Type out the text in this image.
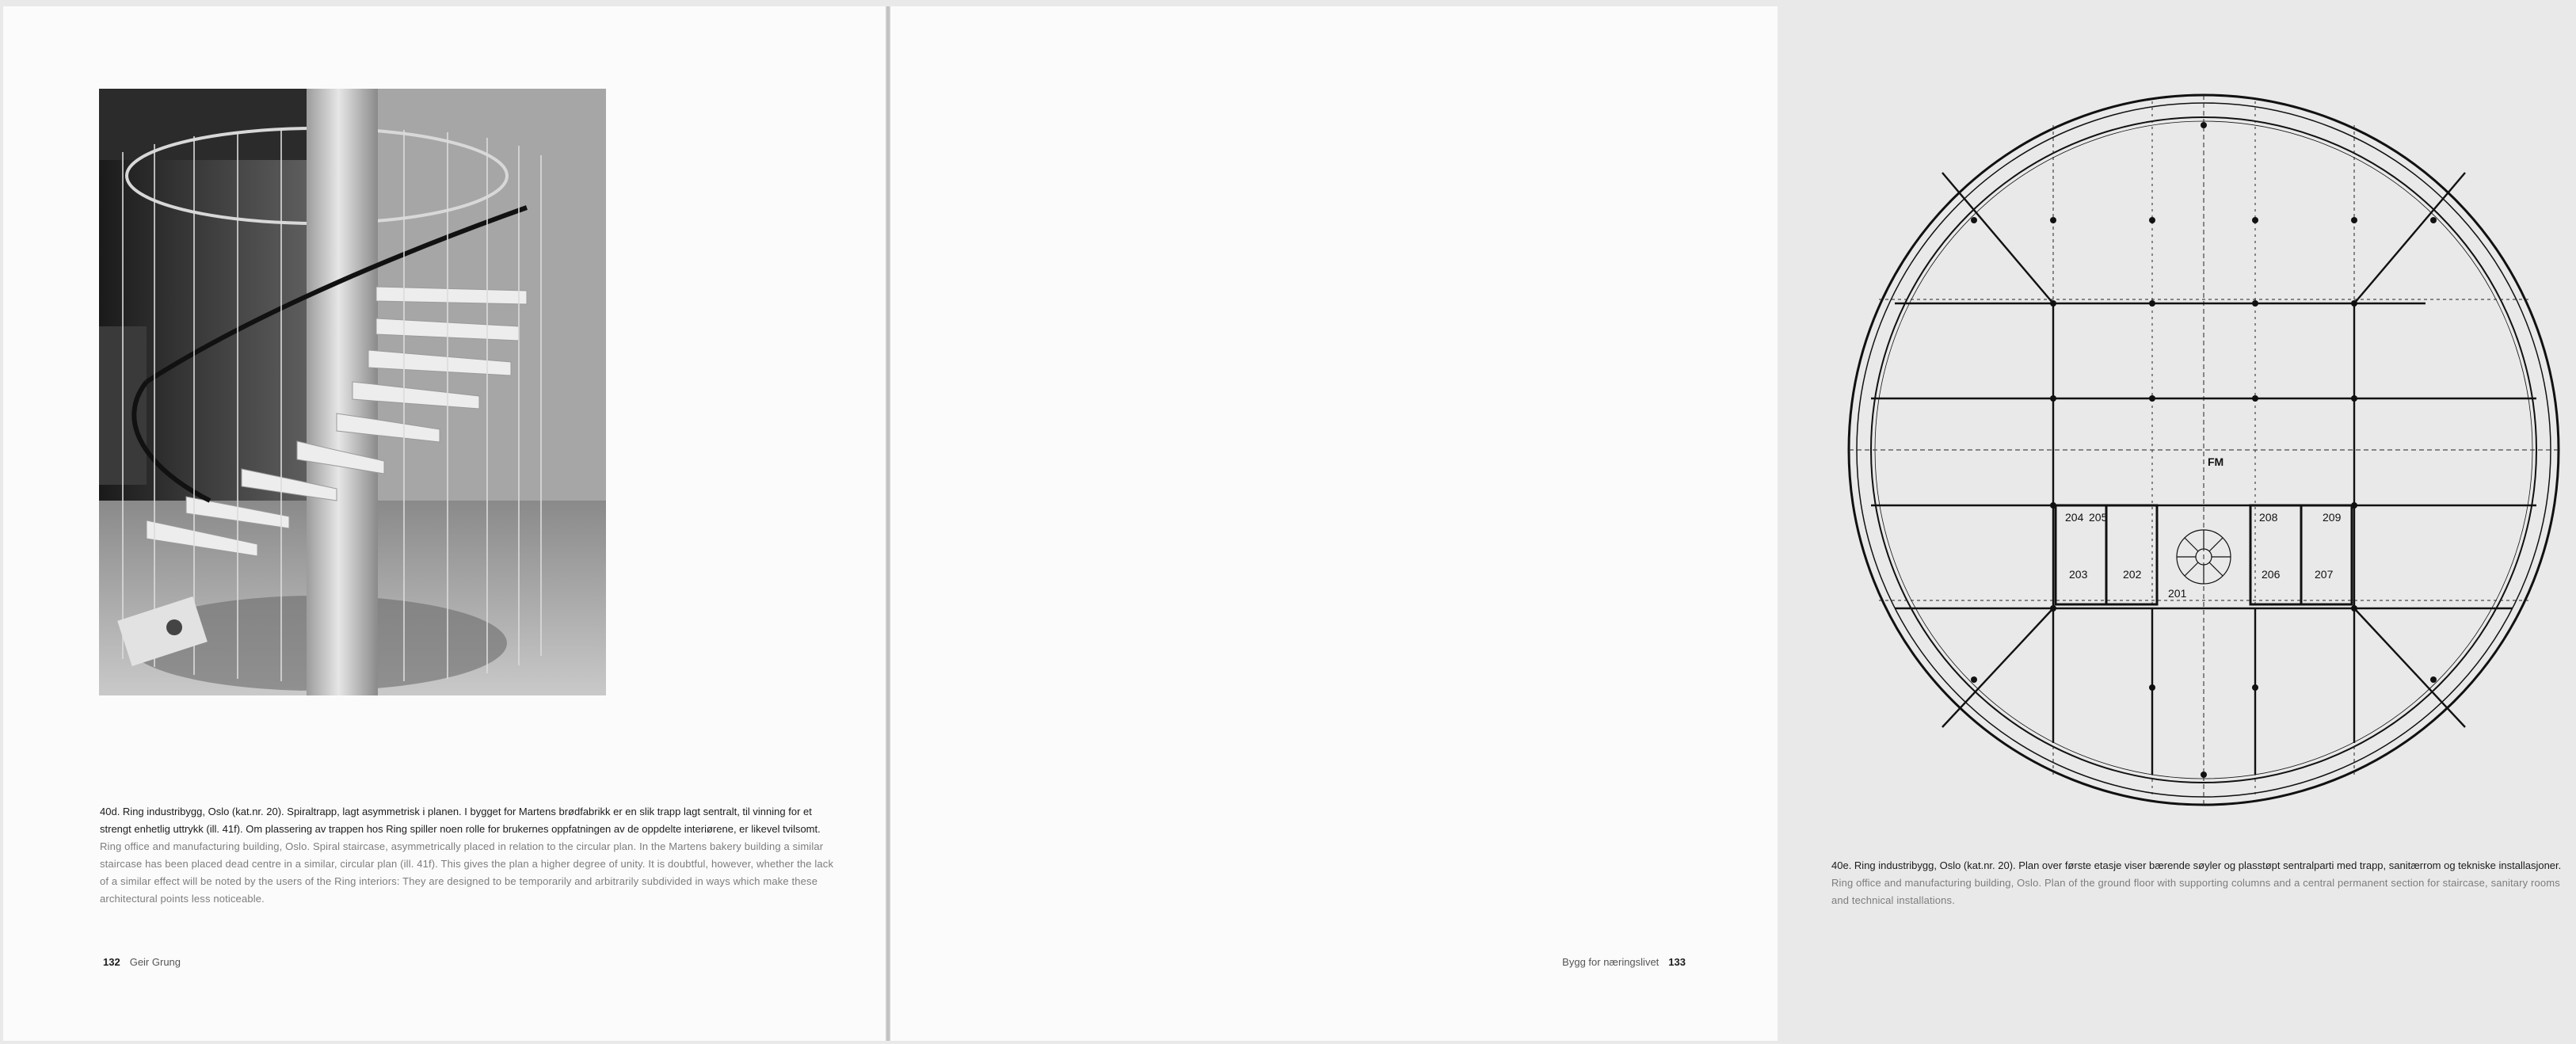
40d. Ring industribygg, Oslo (kat.nr. 20). Spiraltrapp, lagt asymmetrisk i planen. I bygget for Martens brødfabrikk er en slik trapp lagt sentralt, til vinning for et strengt enhetlig uttrykk (ill. 41f). Om plassering av trappen hos Ring spiller noen rolle for brukernes oppfatningen av de oppdelte interiørene, er likevel tvilsomt.

Ring office and manufacturing building, Oslo. Spiral staircase, asymmetrically placed in relation to the circular plan. In the Martens bakery building a similar staircase has been placed dead centre in a similar, circular plan (ill. 41f). This gives the plan a higher degree of unity. It is doubtful, however, whether the lack of a similar effect will be noted by the users of the Ring interiors: They are designed to be temporarily and arbitrarily subdivided in ways which make these architectural points less noticeable.

132 Geir Grung
FM
201
202
203
204 205
206	207
208	209

40e. Ring industribygg, Oslo (kat.nr. 20). Plan over første etasje viser bærende søyler og plasstøpt sentralparti med trapp, sanitærrom og tekniske installasjoner.

Ring office and manufacturing building, Oslo. Plan of the ground floor with supporting columns and a central permanent section for staircase, sanitary rooms and technical installations.

Bygg for næringslivet 133
